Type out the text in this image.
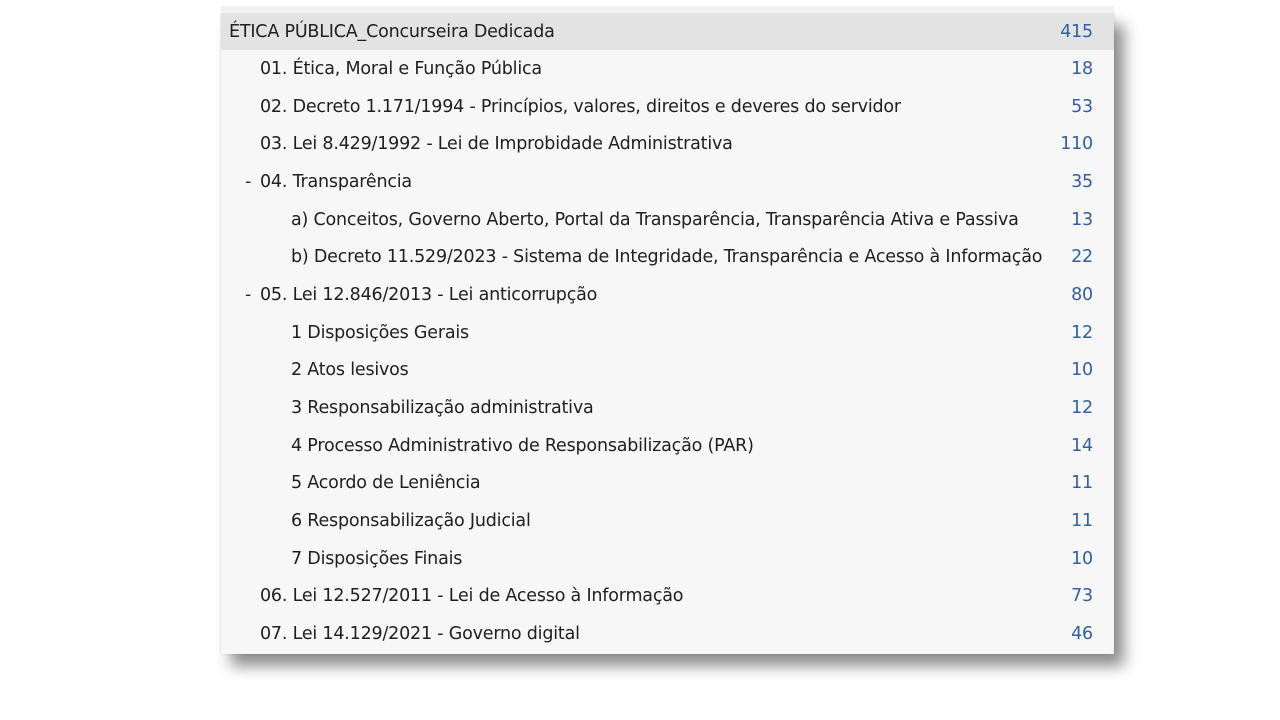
ÉTICA PÚBLICA_Concurseira Dedicada	415
01. Ética, Moral e Função Pública	18
02. Decreto 1.171/1994 - Princípios, valores, direitos e deveres do servidor	53
03. Lei 8.429/1992 - Lei de Improbidade Administrativa	110
- 04. Transparência	35
a) Conceitos, Governo Aberto, Portal da Transparência, Transparência Ativa e Passiva	13
b) Decreto 11.529/2023 - Sistema de Integridade, Transparência e Acesso à Informação 22
- 05. Lei 12.846/2013 - Lei anticorrupção	80
1 Disposições Gerais	12
2 Atos lesivos	10
3 Responsabilização administrativa	12
4 Processo Administrativo de Responsabilização (PAR)	14
5 Acordo de Leniência	11
6 Responsabilização Judicial	11
7 Disposições Finais	10
06. Lei 12.527/2011 - Lei de Acesso à Informação	73
07. Lei 14.129/2021 - Governo digital	46
